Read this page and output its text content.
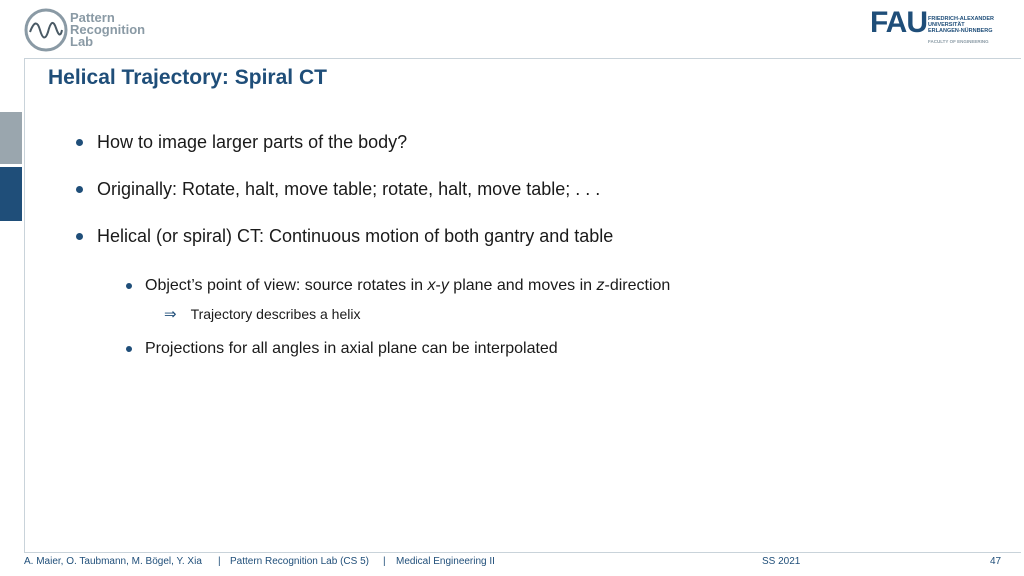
Pattern
Recognition
Lab
FAU FRIEDRICH-ALEXANDER
UNIVERSITÄT
ERLANGEN-NÜRNBERG
FACULTY OF ENGINEERING
Helical Trajectory: Spiral CT
How to image larger parts of the body?
Originally: Rotate, halt, move table; rotate, halt, move table; . . .
Helical (or spiral) CT: Continuous motion of both gantry and table
Object’s point of view: source rotates in x-y plane and moves in z-direction
⇒ Trajectory describes a helix
Projections for all angles in axial plane can be interpolated
A. Maier, O. Taubmann, M. Bögel, Y. Xia | Pattern Recognition Lab (CS 5) | Medical Engineering II	SS 2021	47
